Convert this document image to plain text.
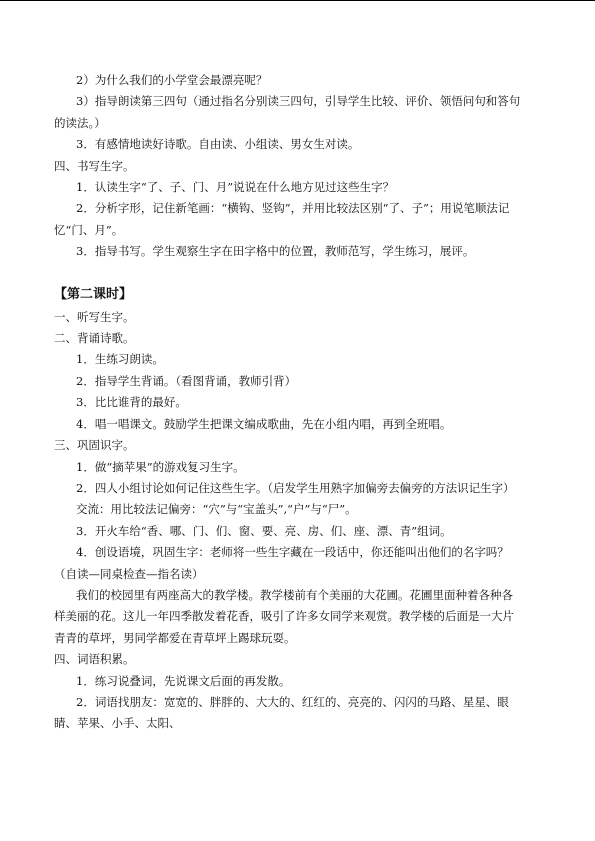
2）为什么我们的小学堂会最漂亮呢？
3）指导朗读第三四句（通过指名分别读三四句，引导学生比较、评价、领悟问句和答句
的读法。）
3．有感情地读好诗歌。自由读、小组读、男女生对读。
四、书写生字。
1．认读生字“了、子、门、月”说说在什么地方见过这些生字？
2．分析字形，记住新笔画：“横钩、竖钩”，并用比较法区别“了、子”；用说笔顺法记
忆“门、月”。
3．指导书写。学生观察生字在田字格中的位置，教师范写，学生练习，展评。
【第二课时】
一、听写生字。
二、背诵诗歌。
1．生练习朗读。
2．指导学生背诵。（看图背诵，教师引背）
3．比比谁背的最好。
4．唱一唱课文。鼓励学生把课文编成歌曲，先在小组内唱，再到全班唱。
三、巩固识字。
1．做“摘苹果”的游戏复习生字。
2．四人小组讨论如何记住这些生字。（启发学生用熟字加偏旁去偏旁的方法识记生字）
交流：用比较法记偏旁：“穴”与“宝盖头”,“户”与“尸”。
3．开火车给“香、哪、门、们、窗、要、亮、房、们、座、漂、青”组词。
4．创设语境，巩固生字：老师将一些生字藏在一段话中，你还能叫出他们的名字吗？
（自读—同桌检查—指名读）
我们的校园里有两座高大的教学楼。教学楼前有个美丽的大花圃。花圃里面种着各种各
样美丽的花。这儿一年四季散发着花香，吸引了许多女同学来观赏。教学楼的后面是一大片
青青的草坪，男同学都爱在青草坪上踢球玩耍。
四、词语积累。
1．练习说叠词，先说课文后面的再发散。
2．词语找朋友：宽宽的、胖胖的、大大的、红红的、亮亮的、闪闪的马路、星星、眼
睛、苹果、小手、太阳、
